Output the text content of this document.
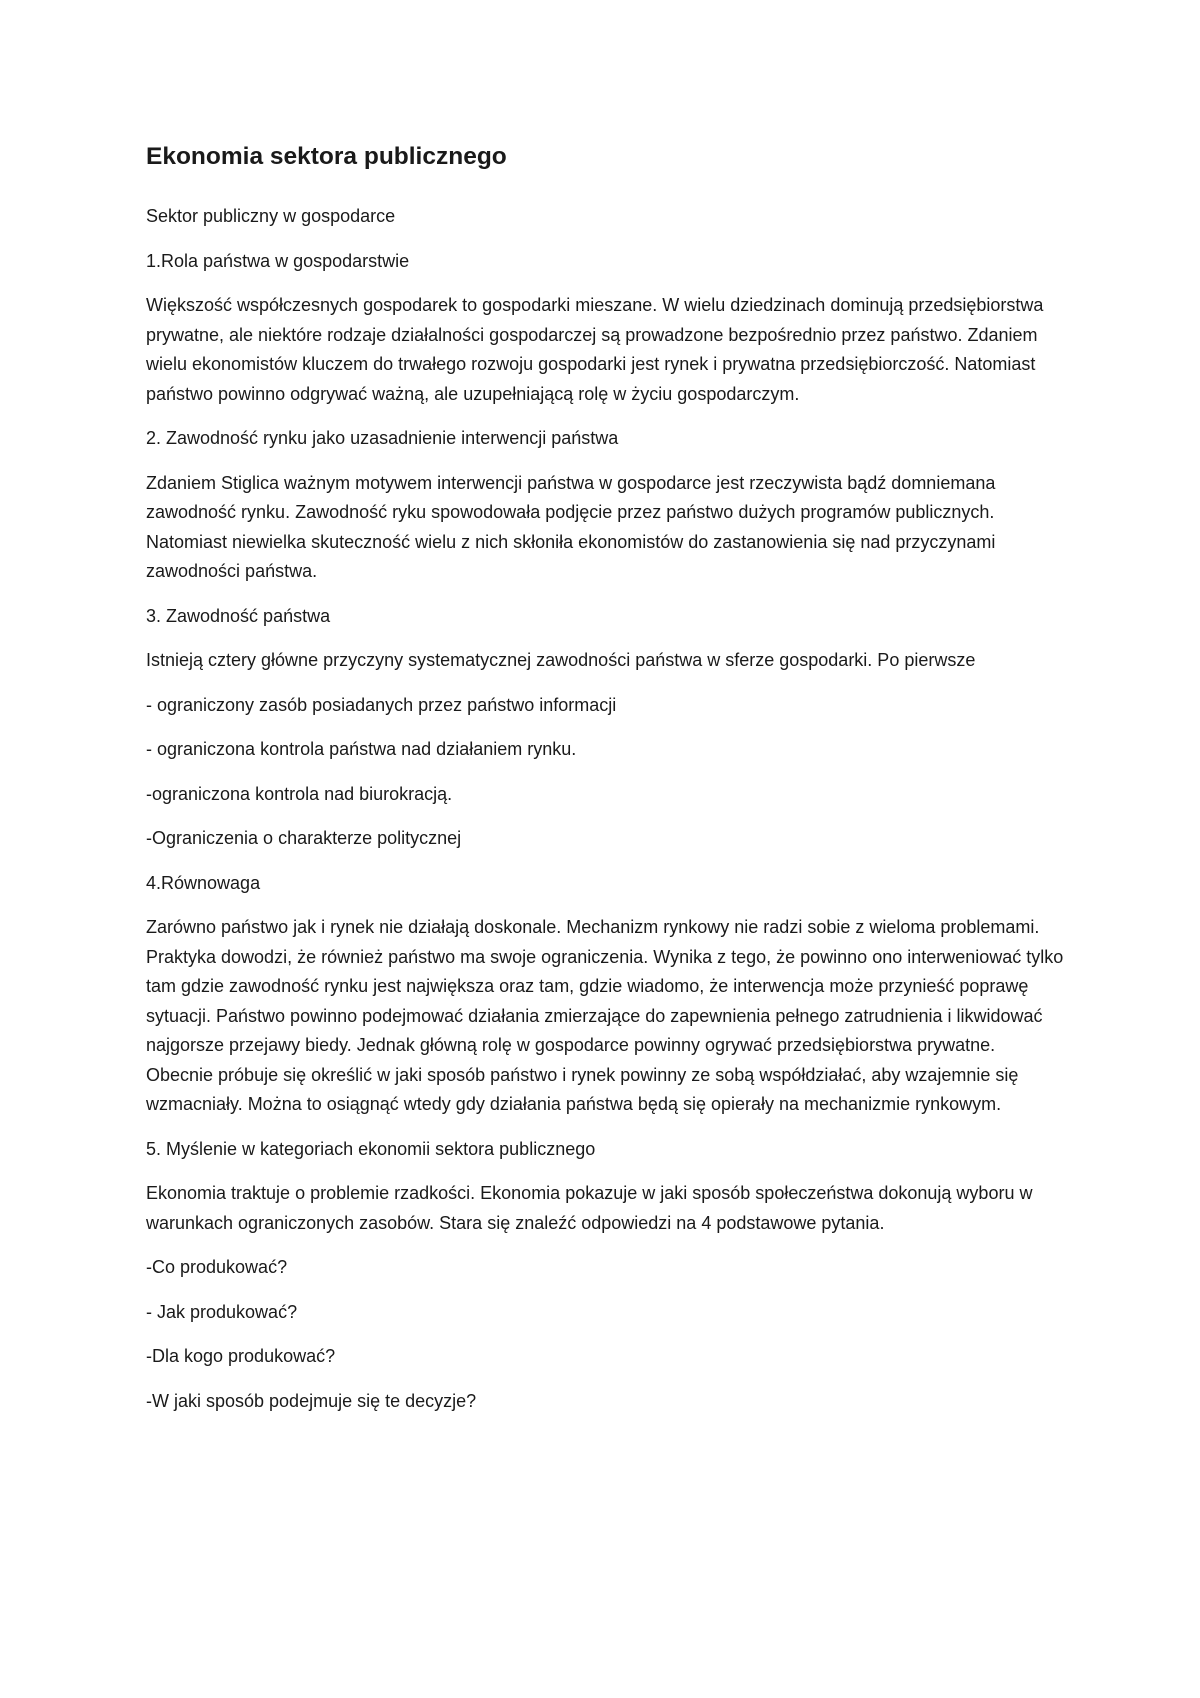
Ekonomia sektora publicznego
Sektor publiczny w gospodarce
1.Rola państwa w gospodarstwie
Większość współczesnych gospodarek to gospodarki mieszane. W wielu dziedzinach dominują przedsiębiorstwa prywatne, ale niektóre rodzaje działalności gospodarczej są prowadzone bezpośrednio przez państwo. Zdaniem wielu ekonomistów kluczem do trwałego rozwoju gospodarki jest rynek i prywatna przedsiębiorczość. Natomiast państwo powinno odgrywać ważną, ale uzupełniającą rolę w życiu gospodarczym.
2. Zawodność rynku jako uzasadnienie interwencji państwa
Zdaniem Stiglica ważnym motywem interwencji państwa w gospodarce jest rzeczywista bądź domniemana zawodność rynku. Zawodność ryku spowodowała podjęcie przez państwo dużych programów publicznych. Natomiast niewielka skuteczność wielu z nich skłoniła ekonomistów do zastanowienia się nad przyczynami zawodności państwa.
3. Zawodność państwa
Istnieją cztery główne przyczyny systematycznej zawodności państwa w sferze gospodarki. Po pierwsze
- ograniczony zasób posiadanych przez państwo informacji
- ograniczona kontrola państwa nad działaniem rynku.
-ograniczona kontrola nad biurokracją.
-Ograniczenia o charakterze politycznej
4.Równowaga
Zarówno państwo jak i rynek nie działają doskonale. Mechanizm rynkowy nie radzi sobie z wieloma problemami. Praktyka dowodzi, że również państwo ma swoje ograniczenia. Wynika z tego, że powinno ono interweniować tylko tam gdzie zawodność rynku jest największa oraz tam, gdzie wiadomo, że interwencja może przynieść poprawę sytuacji. Państwo powinno podejmować działania zmierzające do zapewnienia pełnego zatrudnienia i likwidować najgorsze przejawy biedy. Jednak główną rolę w gospodarce powinny ogrywać przedsiębiorstwa prywatne. Obecnie próbuje się określić w jaki sposób państwo i rynek powinny ze sobą współdziałać, aby wzajemnie się wzmacniały. Można to osiągnąć wtedy gdy działania państwa będą się opierały na mechanizmie rynkowym.
5. Myślenie w kategoriach ekonomii sektora publicznego
Ekonomia traktuje o problemie rzadkości. Ekonomia pokazuje w jaki sposób społeczeństwa dokonują wyboru w warunkach ograniczonych zasobów. Stara się znaleźć odpowiedzi na 4 podstawowe pytania.
-Co produkować?
- Jak produkować?
-Dla kogo produkować?
-W jaki sposób podejmuje się te decyzje?
